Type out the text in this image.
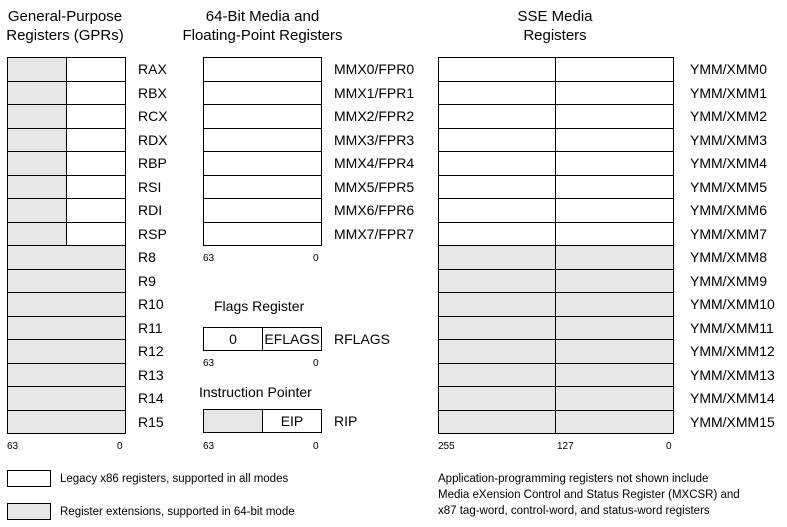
General-Purpose
Registers (GPRs)
64-Bit Media and
Floating-Point Registers
SSE Media
Registers
RAX
RBX
RCX
RDX
RBP
RSI
RDI
RSP
R8
R9
R10
R11
R12
R13
R14
R15
63	0
MMX0/FPR0
MMX1/FPR1
MMX2/FPR2
MMX3/FPR3
MMX4/FPR4
MMX5/FPR5
MMX6/FPR6
MMX7/FPR7
63	0
Flags Register
0	EFLAGS RFLAGS
63	0
Instruction Pointer
EIP	RIP
63	0
YMM/XMM0
YMM/XMM1
YMM/XMM2
YMM/XMM3
YMM/XMM4
YMM/XMM5
YMM/XMM6
YMM/XMM7
YMM/XMM8
YMM/XMM9
YMM/XMM10
YMM/XMM11
YMM/XMM12
YMM/XMM13
YMM/XMM14
YMM/XMM15
255	127	0
Legacy x86 registers, supported in all modes
Register extensions, supported in 64-bit mode
Application-programming registers not shown include
Media eXension Control and Status Register (MXCSR) and
x87 tag-word, control-word, and status-word registers
